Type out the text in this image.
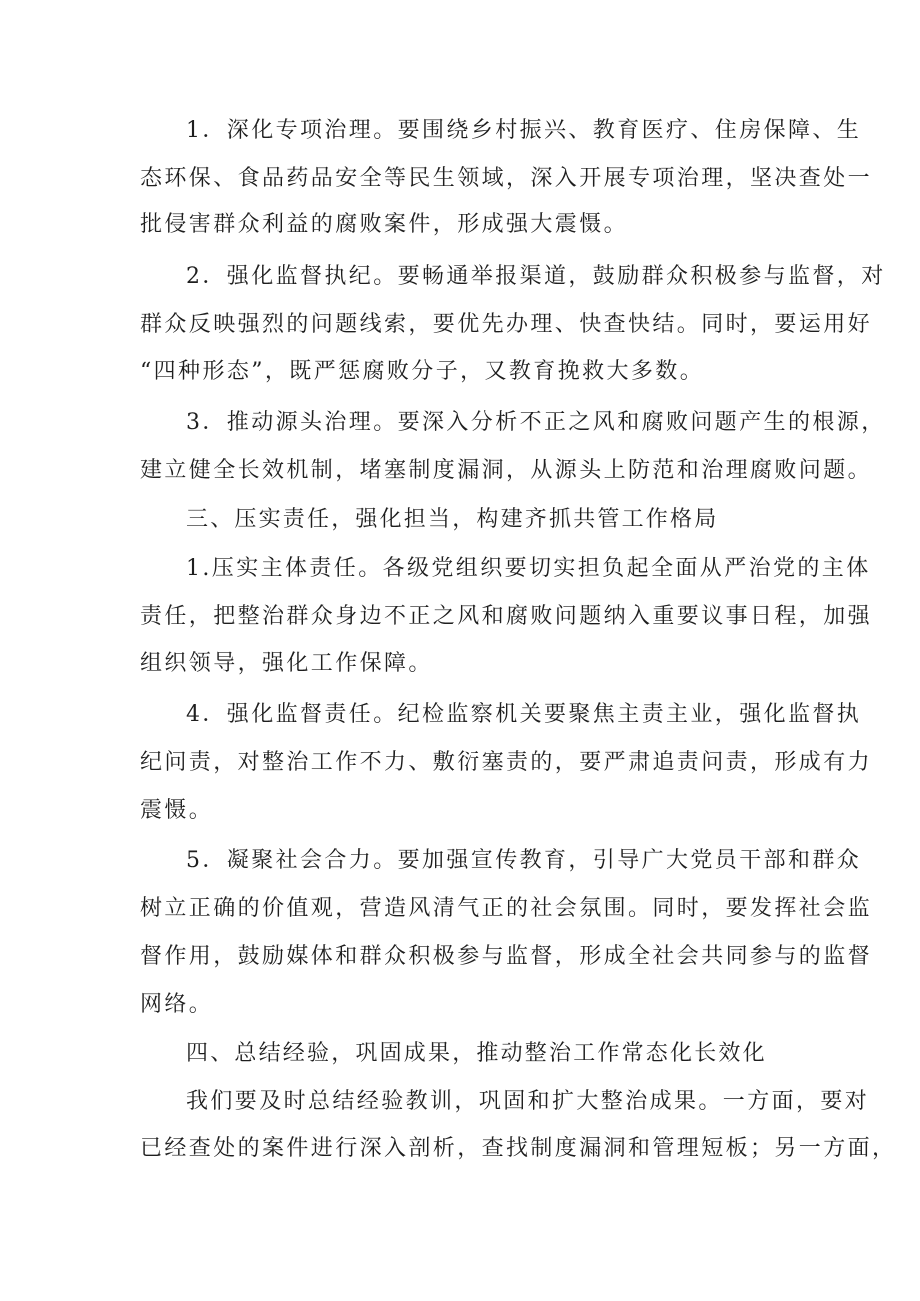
1．深化专项治理。要围绕乡村振兴、教育医疗、住房保障、生
态环保、食品药品安全等民生领域，深入开展专项治理，坚决查处一
批侵害群众利益的腐败案件，形成强大震慑。
2．强化监督执纪。要畅通举报渠道，鼓励群众积极参与监督，对
群众反映强烈的问题线索，要优先办理、快查快结。同时，要运用好
“四种形态”，既严惩腐败分子，又教育挽救大多数。
3．推动源头治理。要深入分析不正之风和腐败问题产生的根源，
建立健全长效机制，堵塞制度漏洞，从源头上防范和治理腐败问题。
三、压实责任，强化担当，构建齐抓共管工作格局
1.压实主体责任。各级党组织要切实担负起全面从严治党的主体
责任，把整治群众身边不正之风和腐败问题纳入重要议事日程，加强
组织领导，强化工作保障。
4．强化监督责任。纪检监察机关要聚焦主责主业，强化监督执
纪问责，对整治工作不力、敷衍塞责的，要严肃追责问责，形成有力
震慑。
5．凝聚社会合力。要加强宣传教育，引导广大党员干部和群众
树立正确的价值观，营造风清气正的社会氛围。同时，要发挥社会监
督作用，鼓励媒体和群众积极参与监督，形成全社会共同参与的监督
网络。
四、总结经验，巩固成果，推动整治工作常态化长效化
我们要及时总结经验教训，巩固和扩大整治成果。一方面，要对
已经查处的案件进行深入剖析，查找制度漏洞和管理短板；另一方面，
